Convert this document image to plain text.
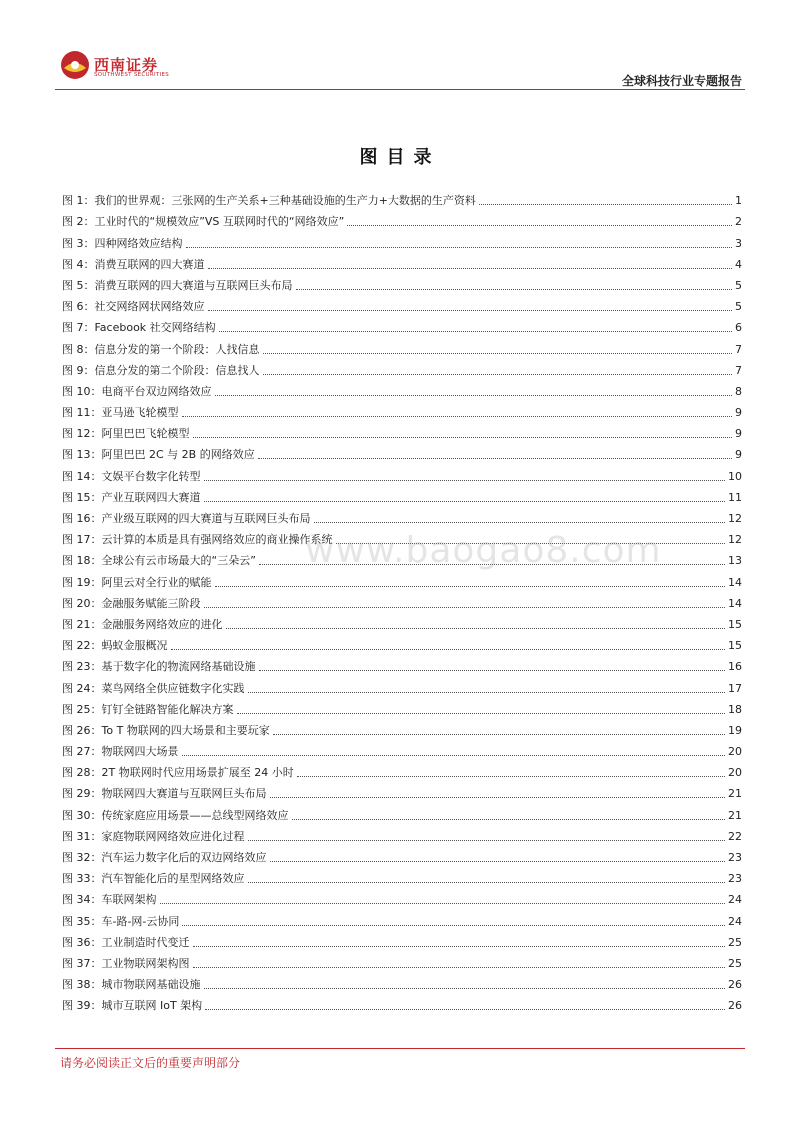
西南证券
SOUTHWEST SECURITIES	全球科技行业专题报告
图目录
图 1：我们的世界观：三张网的生产关系+三种基础设施的生产力+大数据的生产资料	1
图 2：工业时代的“规模效应”VS 互联网时代的“网络效应”	2
图 3：四种网络效应结构	3
图 4：消费互联网的四大赛道	4
图 5：消费互联网的四大赛道与互联网巨头布局	5
图 6：社交网络网状网络效应	5
图 7：Facebook 社交网络结构	6
图 8：信息分发的第一个阶段：人找信息	7
图 9：信息分发的第二个阶段：信息找人	7
图 10：电商平台双边网络效应	8
图 11：亚马逊飞轮模型	9
图 12：阿里巴巴飞轮模型	9
图 13：阿里巴巴 2C 与 2B 的网络效应	9
图 14：文娱平台数字化转型	10
图 15：产业互联网四大赛道	11
图 16：产业级互联网的四大赛道与互联网巨头布局	12
图 17：云计算的本质是具有强网络效应的商业操作系统	12
图 18：全球公有云市场最大的“三朵云”	13
图 19：阿里云对全行业的赋能	14
图 20：金融服务赋能三阶段	14
图 21：金融服务网络效应的进化	15
图 22：蚂蚁金服概况	15
图 23：基于数字化的物流网络基础设施	16
图 24：菜鸟网络全供应链数字化实践	17
图 25：钉钉全链路智能化解决方案	18
图 26：To T 物联网的四大场景和主要玩家	19
图 27：物联网四大场景	20
图 28：2T 物联网时代应用场景扩展至 24 小时	20
图 29：物联网四大赛道与互联网巨头布局	21
图 30：传统家庭应用场景——总线型网络效应	21
图 31：家庭物联网网络效应进化过程	22
图 32：汽车运力数字化后的双边网络效应	23
图 33：汽车智能化后的星型网络效应	23
图 34：车联网架构	24
图 35：车-路-网-云协同	24
图 36：工业制造时代变迁	25
图 37：工业物联网架构图	25
图 38：城市物联网基础设施	26
图 39：城市互联网 IoT 架构	26
www.baogao8.com
请务必阅读正文后的重要声明部分
